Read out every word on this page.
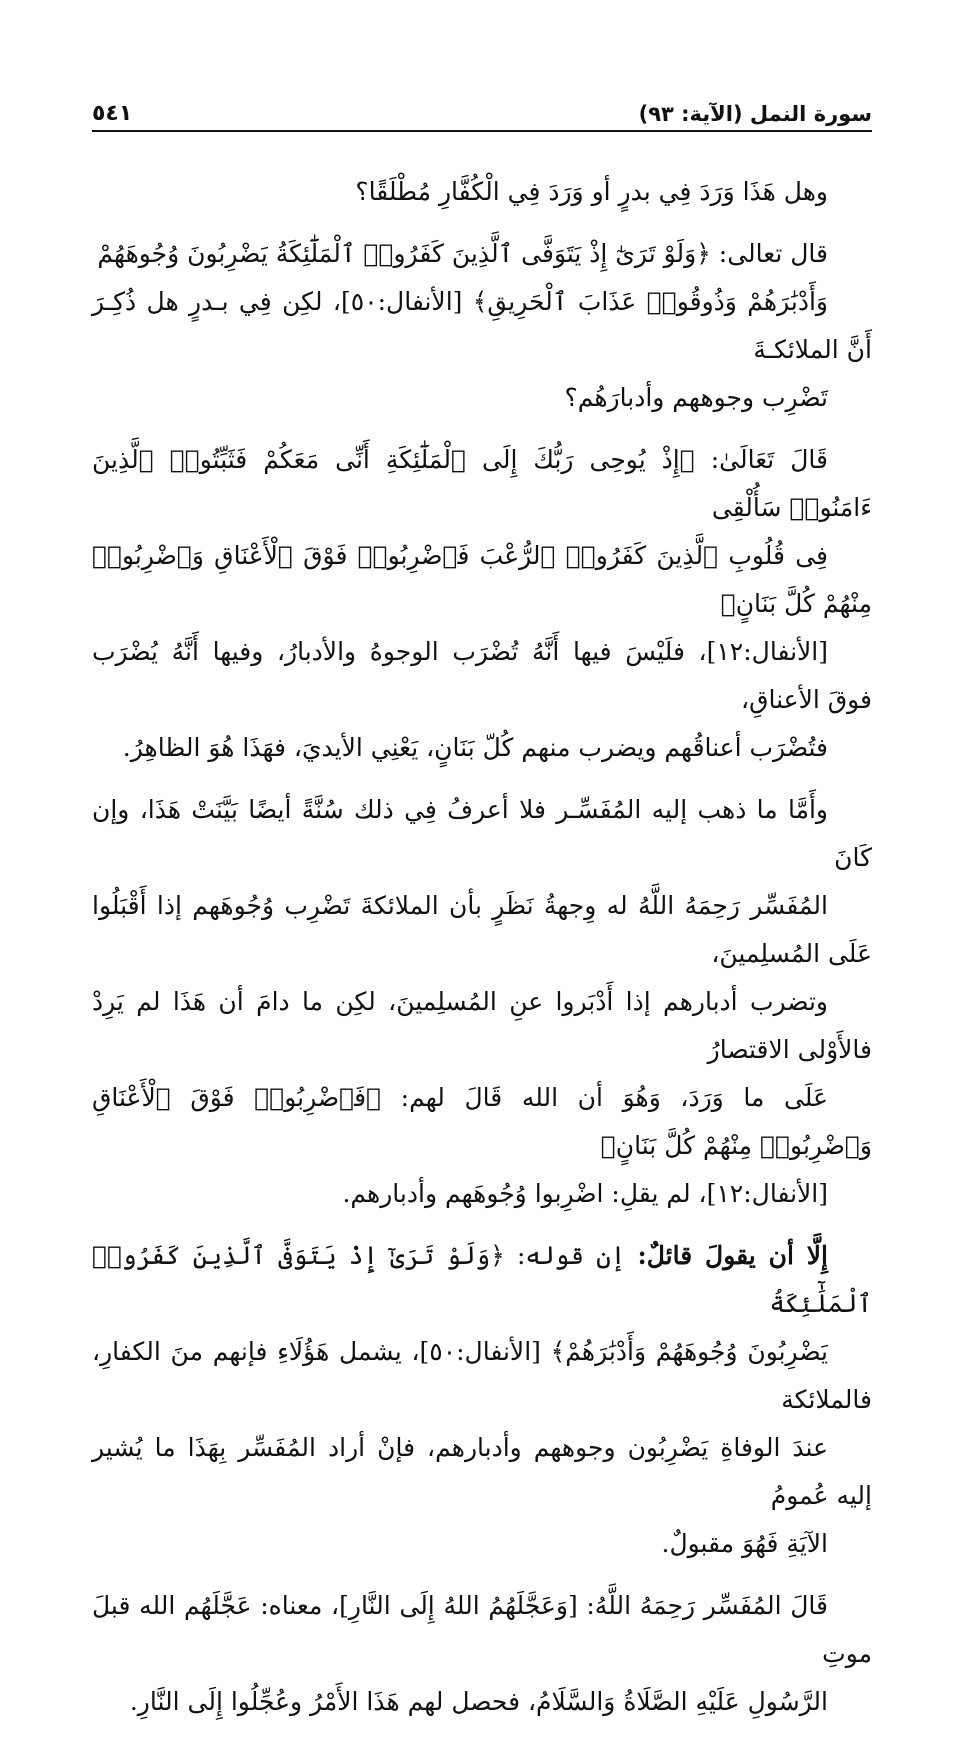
سورة النمل (الآية: ٩٣)
٥٤١

وهل هَذَا وَرَدَ فِي بدرٍ أو وَرَدَ فِي الْكُفَّارِ مُطْلَقًا؟

قال تعالى: ﴿وَلَوْ تَرَىٰٓ إِذْ يَتَوَفَّى ٱلَّذِينَ كَفَرُوا۟ ٱلْمَلَٰٓئِكَةُ يَضْرِبُونَ وُجُوهَهُمْ
وَأَدْبَٰرَهُمْ وَذُوقُوا۟ عَذَابَ ٱلْحَرِيقِ﴾ [الأنفال:٥٠]، لكِن فِي بـدرٍ هل ذُكِـرَ أَنَّ الملائكـةَ
تَضْرِب وجوههم وأدبارَهُم؟

قَالَ تَعَالَىٰ: ﴿إِذْ يُوحِى رَبُّكَ إِلَى ٱلْمَلَٰٓئِكَةِ أَنِّى مَعَكُمْ فَثَبِّتُوا۟ ٱلَّذِينَ ءَامَنُوا۟ سَأُلْقِى
فِى قُلُوبِ ٱلَّذِينَ كَفَرُوا۟ ٱلرُّعْبَ فَٱضْرِبُوا۟ فَوْقَ ٱلْأَعْنَاقِ وَٱضْرِبُوا۟ مِنْهُمْ كُلَّ بَنَانٍ﴾
[الأنفال:١٢]، فلَيْسَ فيها أَنَّهُ تُضْرَب الوجوهُ والأدبارُ، وفيها أَنَّهُ يُضْرَب فوقَ الأعناقِ،
فتُضْرَب أعناقُهم ويضرب منهم كُلّ بَنَانٍ، يَعْنِي الأيديَ، فهَذَا هُوَ الظاهِرُ.

وأَمَّا ما ذهب إليه المُفَسِّـر فلا أعرفُ فِي ذلك سُنَّةً أيضًا بَيَّنَتْ هَذَا، وإن كَانَ
المُفَسِّر رَحِمَهُ اللَّهُ له وِجهةُ نَظَرٍ بأن الملائكةَ تَضْرِب وُجُوهَهم إذا أَقْبَلُوا عَلَى المُسلِمينَ،
وتضرب أدبارهم إذا أَدْبَروا عنِ المُسلِمينَ، لكِن ما دامَ أن هَذَا لم يَرِدْ فالأَوْلى الاقتصارُ
عَلَى ما وَرَدَ، وَهُوَ أن الله قَالَ لهم: ﴿فَٱضْرِبُوا۟ فَوْقَ ٱلْأَعْنَاقِ وَٱضْرِبُوا۟ مِنْهُمْ كُلَّ بَنَانٍ﴾
[الأنفال:١٢]، لم يقلِ: اضْرِبوا وُجُوهَهم وأدبارهم.

إِلَّا أن يقولَ قائلٌ: إن قوله: ﴿وَلَوْ تَرَىٰٓ إِذْ يَتَوَفَّى ٱلَّذِينَ كَفَرُوا۟ ٱلْمَلَٰٓئِكَةُ
يَضْرِبُونَ وُجُوهَهُمْ وَأَدْبَٰرَهُمْ﴾ [الأنفال:٥٠]، يشمل هَؤُلَاءِ فإنهم منَ الكفارِ، فالملائكة
عندَ الوفاةِ يَضْرِبُون وجوههم وأدبارهم، فإنْ أراد المُفَسِّر بِهَذَا ما يُشير إليه عُمومُ
الآيَةِ فَهُوَ مقبولٌ.

قَالَ المُفَسِّر رَحِمَهُ اللَّهُ: [وَعَجَّلَهُمُ اللهُ إِلَى النَّارِ]، معناه: عَجَّلَهُم الله قبلَ موتِ
الرَّسُولِ عَلَيْهِ الصَّلَاةُ وَالسَّلَامُ، فحصل لهم هَذَا الأَمْرُ وعُجِّلُوا إِلَى النَّارِ.
